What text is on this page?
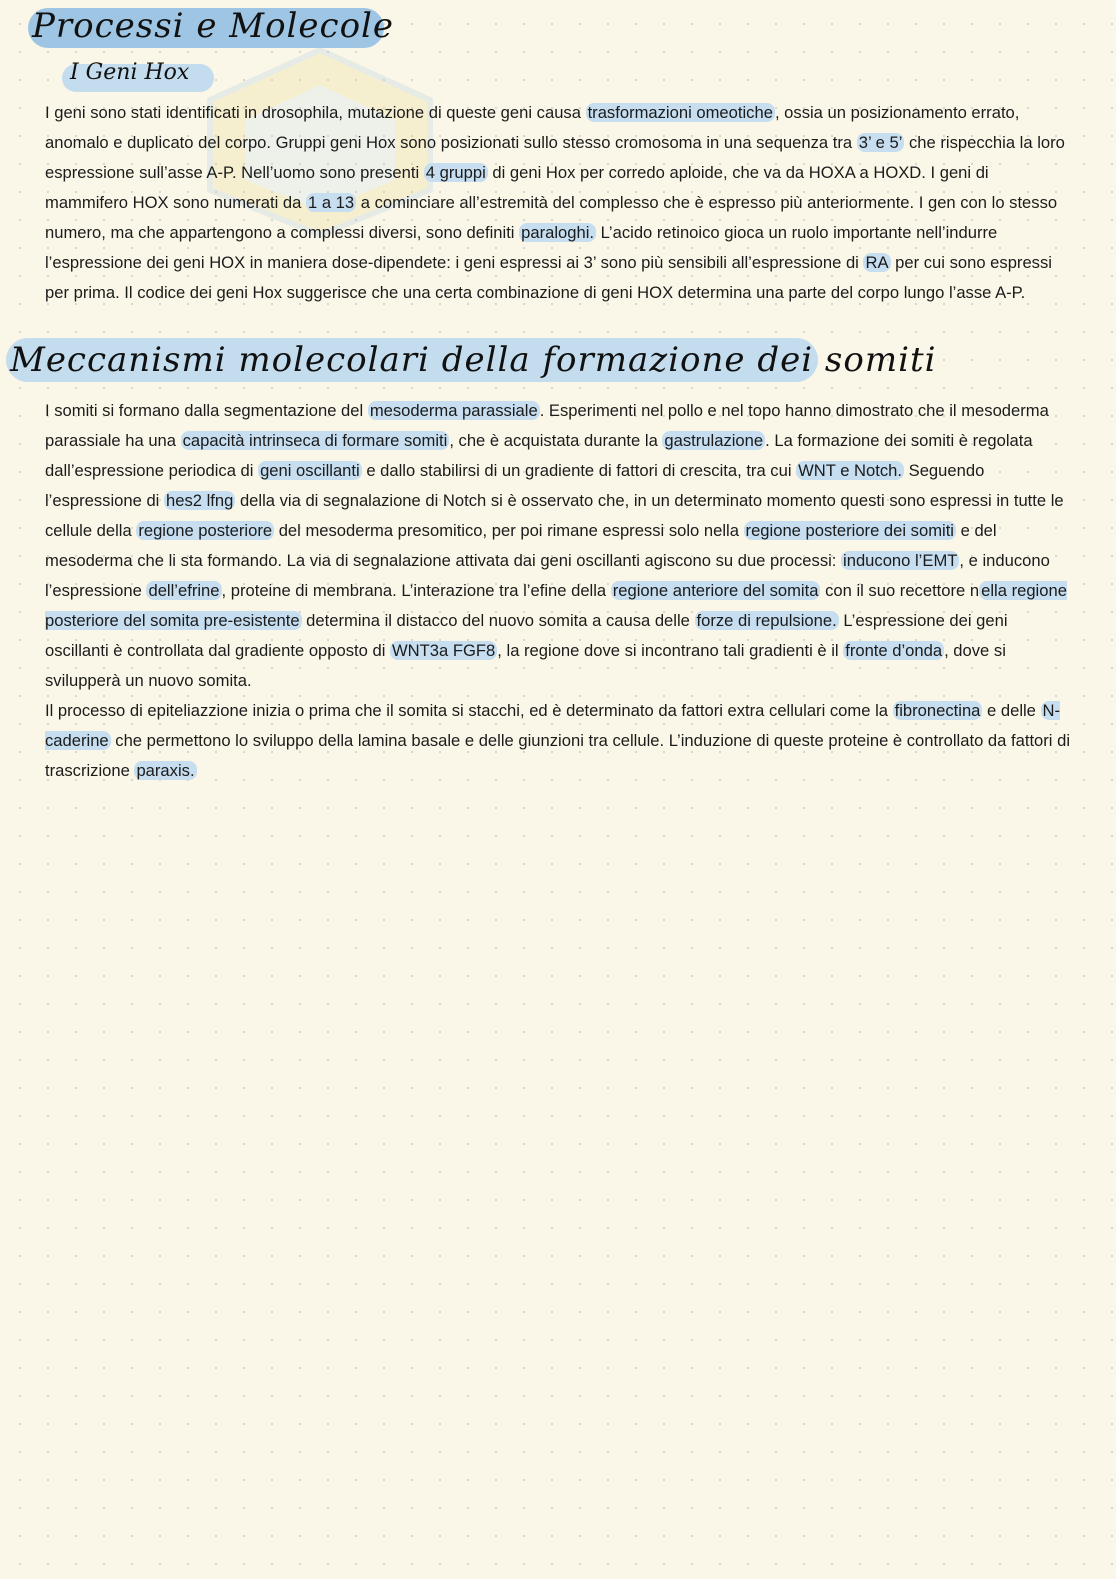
Processi e Molecole
I Geni Hox
Meccanismi molecolari della formazione dei somiti
I geni sono stati identificati in drosophila, mutazione di queste geni causa trasformazioni omeotiche , ossia un posizionamento errato, anomalo e duplicato del corpo. Gruppi geni Hox sono posizionati sullo stesso cromosoma in una sequenza tra 3’ e 5’ che rispecchia la loro espressione sull’asse A-P. Nell’uomo sono presenti 4 gruppi di geni Hox per corredo aploide, che va da HOXA a HOXD. I geni di mammifero HOX sono numerati da 1 a 13 a cominciare all’estremità del complesso che è espresso più anteriormente. I gen con lo stesso numero, ma che appartengono a complessi diversi, sono definiti paraloghi. L’acido retinoico gioca un ruolo importante nell’indurre l’espressione dei geni HOX in maniera dose-dipendete: i geni espressi ai 3’ sono più sensibili all’espressione di RA per cui sono espressi per prima. Il codice dei geni Hox suggerisce che una certa combinazione di geni HOX determina una parte del corpo lungo l’asse A-P.
I somiti si formano dalla segmentazione del mesoderma parassiale . Esperimenti nel pollo e nel topo hanno dimostrato che il mesoderma parassiale ha una capacità intrinseca di formare somiti , che è acquistata durante la gastrulazione . La formazione dei somiti è regolata dall’espressione periodica di geni oscillanti e dallo stabilirsi di un gradiente di fattori di crescita, tra cui WNT e Notch. Seguendo l’espressione di hes2 lfng della via di segnalazione di Notch si è osservato che, in un determinato momento questi sono espressi in tutte le cellule della regione posteriore del mesoderma presomitico, per poi rimane espressi solo nella regione posteriore dei somiti e del mesoderma che li sta formando. La via di segnalazione attivata dai geni oscillanti agiscono su due processi: inducono l’EMT , e inducono l’espressione dell’efrine , proteine di membrana. L’interazione tra l’efine della regione anteriore del somita con il suo recettore n ella regione posteriore del somita pre-esistente determina il distacco del nuovo somita a causa delle forze di repulsione. L’espressione dei geni oscillanti è controllata dal gradiente opposto di WNT3a FGF8 , la regione dove si incontrano tali gradienti è il fronte d’onda , dove si svilupperà un nuovo somita.
Il processo di epiteliazzione inizia o prima che il somita si stacchi, ed è determinato da fattori extra cellulari come la fibronectina e delle N-caderine che permettono lo sviluppo della lamina basale e delle giunzioni tra cellule. L’induzione di queste proteine è controllato da fattori di trascrizione paraxis.
